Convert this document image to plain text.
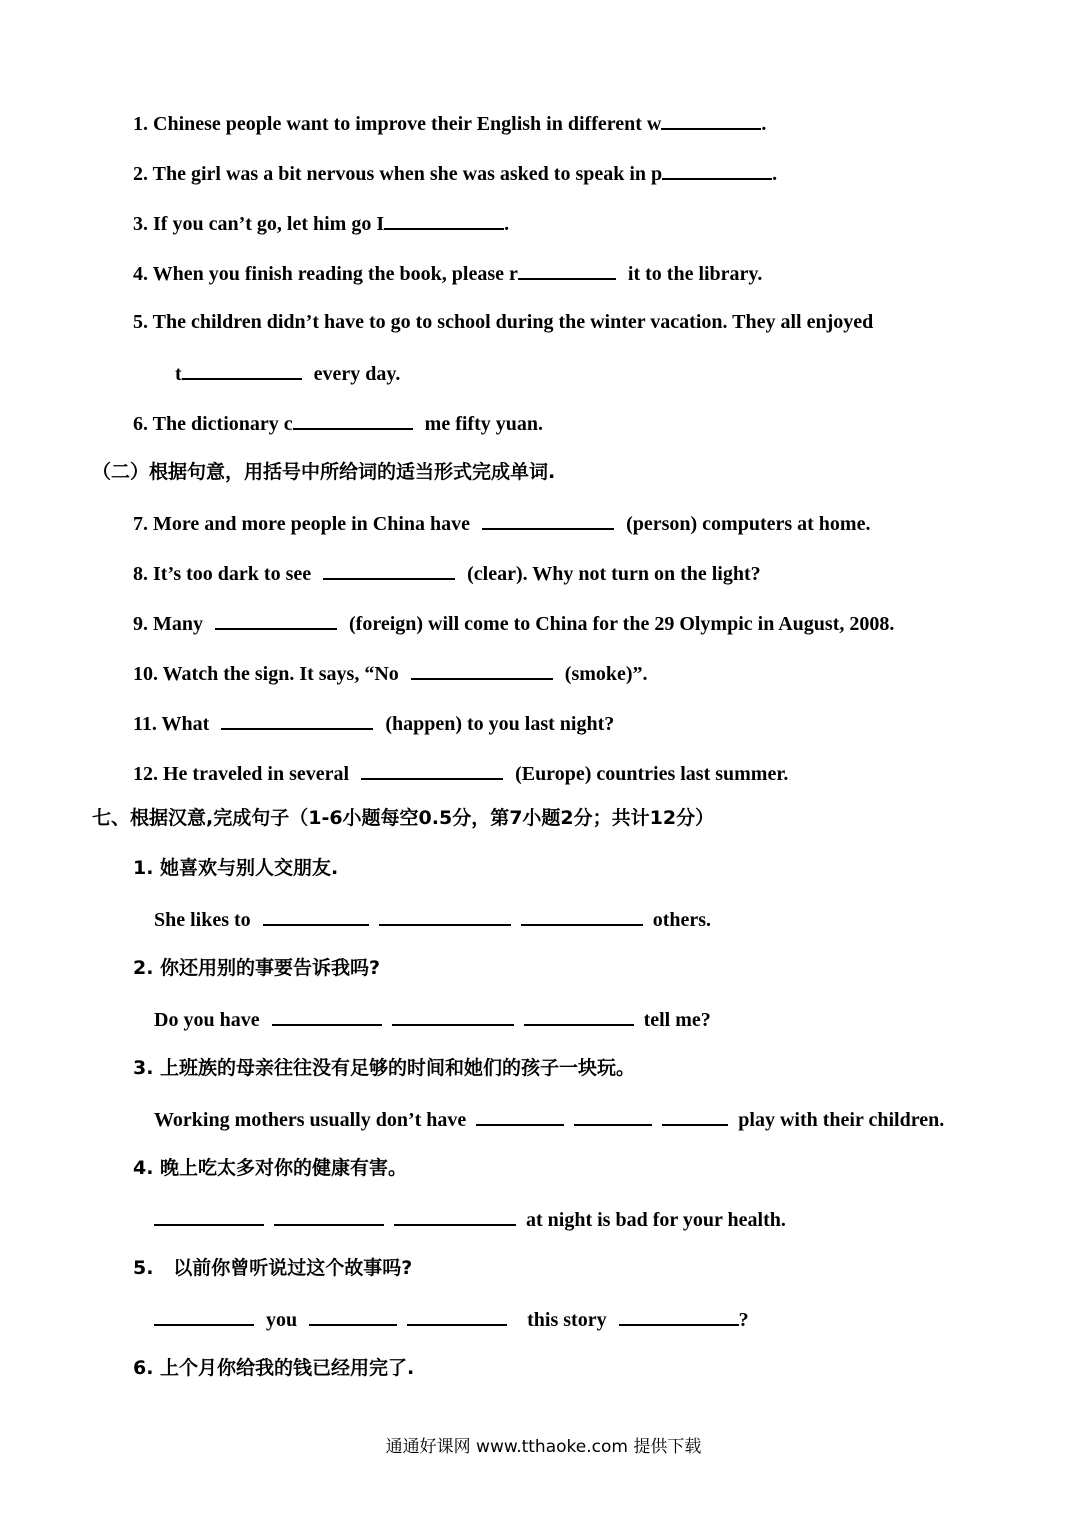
1. Chinese people want to improve their English in different w	.
2. The girl was a bit nervous when she was asked to speak in p	.
3. If you can’t go, let him go I	.
4. When you finish reading the book, please r	it to the library.
5. The children didn’t have to go to school during the winter vacation. They all enjoyed
t	every day.
6. The dictionary c	me fifty yuan.
（二）根据句意，用括号中所给词的适当形式完成单词.
7. More and more people in China have	(person) computers at home.
8. It’s too dark to see	(clear). Why not turn on the light?
9. Many	(foreign) will come to China for the 29 Olympic in August, 2008.
10. Watch the sign. It says, “No	(smoke)”.
11. What	(happen) to you last night?
12. He traveled in several	(Europe) countries last summer.
七、根据汉意,完成句子（1-6小题每空0.5分，第7小题2分；共计12分）
1. 她喜欢与别人交朋友.
She likes to	others.
2. 你还用别的事要告诉我吗?
Do you have	tell me?
3. 上班族的母亲往往没有足够的时间和她们的孩子一块玩。
Working mothers usually don’t have	play with their children.
4. 晚上吃太多对你的健康有害。
at night is bad for your health.
5.   以前你曾听说过这个故事吗?
you	this story	?
6. 上个月你给我的钱已经用完了.
通通好课网 www.tthaoke.com 提供下载
